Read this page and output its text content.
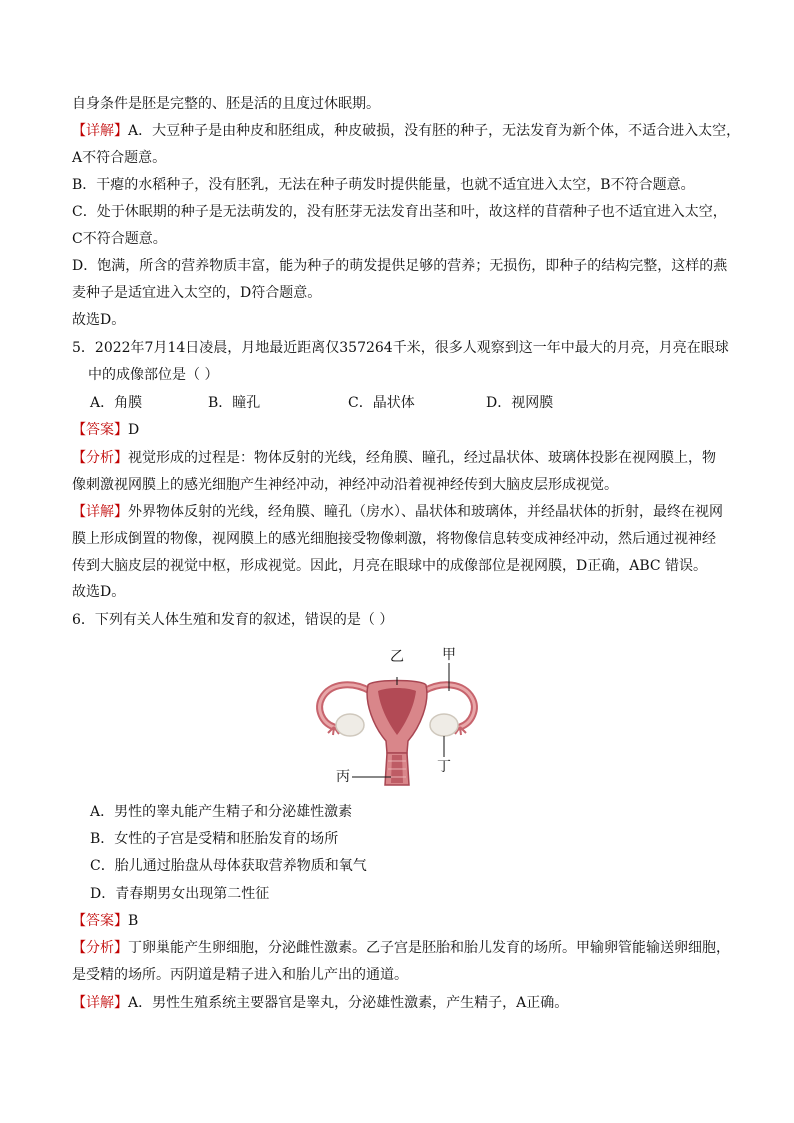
自身条件是胚是完整的、胚是活的且度过休眠期。
【详解】A．大豆种子是由种皮和胚组成，种皮破损，没有胚的种子，无法发育为新个体，不适合进入太空，
A不符合题意。
B．干瘪的水稻种子，没有胚乳，无法在种子萌发时提供能量，也就不适宜进入太空，B不符合题意。
C．处于休眠期的种子是无法萌发的，没有胚芽无法发育出茎和叶，故这样的苜蓿种子也不适宜进入太空，
C不符合题意。
D．饱满，所含的营养物质丰富，能为种子的萌发提供足够的营养；无损伤，即种子的结构完整，这样的燕
麦种子是适宜进入太空的，D符合题意。
故选D。
5．2022年7月14日凌晨，月地最近距离仅357264千米，很多人观察到这一年中最大的月亮，月亮在眼球
中的成像部位是（ ）
A．角膜	B．瞳孔	C．晶状体	D．视网膜
【答案】D
【分析】视觉形成的过程是：物体反射的光线，经角膜、瞳孔，经过晶状体、玻璃体投影在视网膜上，物
像刺激视网膜上的感光细胞产生神经冲动，神经冲动沿着视神经传到大脑皮层形成视觉。
【详解】外界物体反射的光线，经角膜、瞳孔（房水）、晶状体和玻璃体，并经晶状体的折射，最终在视网
膜上形成倒置的物像，视网膜上的感光细胞接受物像刺激，将物像信息转变成神经冲动，然后通过视神经
传到大脑皮层的视觉中枢，形成视觉。因此，月亮在眼球中的成像部位是视网膜，D正确，ABC 错误。
故选D。
6．下列有关人体生殖和发育的叙述，错误的是（ ）
乙	甲
丁
丙
A．男性的睾丸能产生精子和分泌雄性激素
B．女性的子宫是受精和胚胎发育的场所
C．胎儿通过胎盘从母体获取营养物质和氧气
D．青春期男女出现第二性征
【答案】B
【分析】丁卵巢能产生卵细胞，分泌雌性激素。乙子宫是胚胎和胎儿发育的场所。甲输卵管能输送卵细胞，
是受精的场所。丙阴道是精子进入和胎儿产出的通道。
【详解】A．男性生殖系统主要器官是睾丸，分泌雄性激素，产生精子，A正确。
